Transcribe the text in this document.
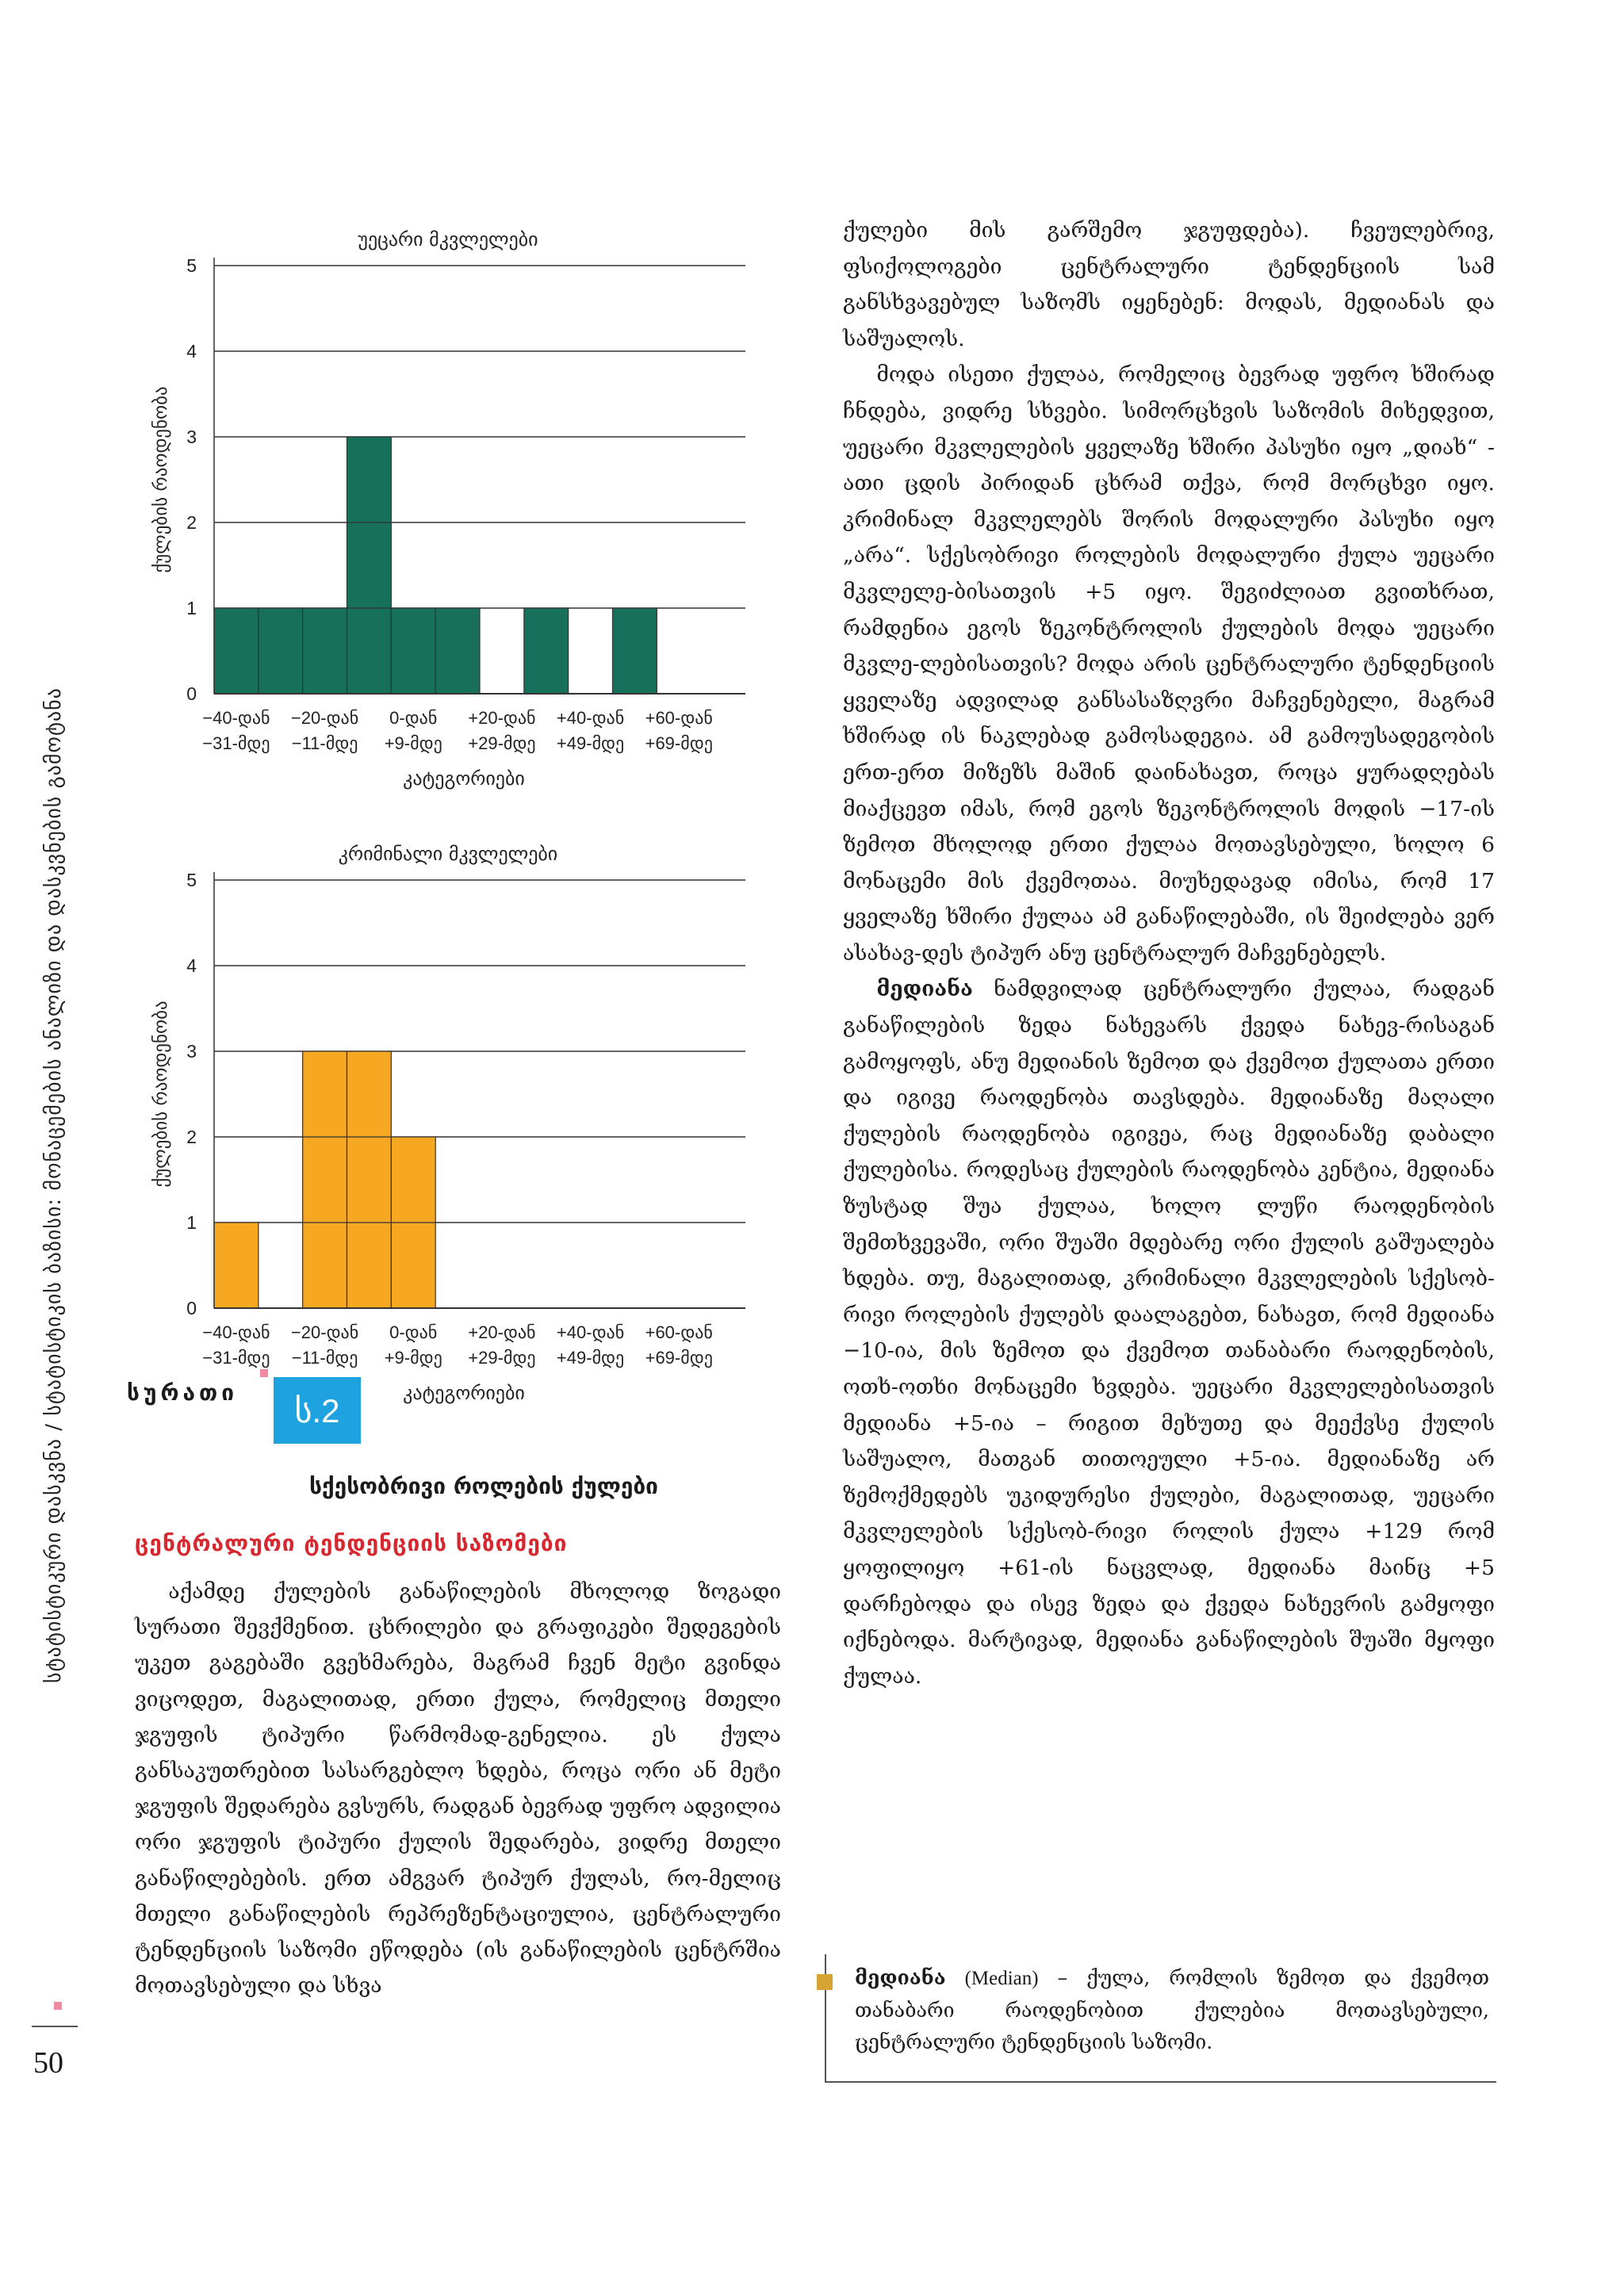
სტატისტიკური დასკვნა / სტატისტიკის ბაზისი: მონაცემების ანალიზი და დასკვნების გამოტანა
50
უეცარი მკვლელები
0
1
2
3
4
5
−40-დან
−31-მდე
−20-დან
−11-მდე
0-დან
+9-მდე
+20-დან
+29-მდე
+40-დან
+49-მდე
+60-დან
+69-მდე
კატეგორიები
ქულების რაოდენობა
კრიმინალი მკვლელები
0
1
2
3
4
5
−40-დან
−31-მდე
−20-დან
−11-მდე
0-დან
+9-მდე
+20-დან
+29-მდე
+40-დან
+49-მდე
+60-დან
+69-მდე
კატეგორიები
ქულების რაოდენობა
სურათი	ს.2
სქესობრივი როლების ქულები
ცენტრალური ტენდენციის საზომები

აქამდე ქულების განაწილების მხოლოდ ზოგადი სურათი შევქმენით. ცხრილები და გრაფიკები შედეგების უკეთ გაგებაში გვეხმარება, მაგრამ ჩვენ მეტი გვინდა ვიცოდეთ, მაგალითად, ერთი ქულა, რომელიც მთელი ჯგუფის ტიპური წარმომად-გენელია. ეს ქულა განსაკუთრებით სასარგებლო ხდება, როცა ორი ან მეტი ჯგუფის შედარება გვსურს, რადგან ბევრად უფრო ადვილია ორი ჯგუფის ტიპური ქულის შედარება, ვიდრე მთელი განაწილებების. ერთ ამგვარ ტიპურ ქულას, რო-მელიც მთელი განაწილების რეპრეზენტაციულია, ცენტრალური ტენდენციის საზომი ეწოდება (ის განაწილების ცენტრშია მოთავსებული და სხვა

ქულები მის გარშემო ჯგუფდება). ჩვეულებრივ, ფსიქოლოგები ცენტრალური ტენდენციის სამ განსხვავებულ საზომს იყენებენ: მოდას, მედიანას და საშუალოს.

მოდა ისეთი ქულაა, რომელიც ბევრად უფრო ხშირად ჩნდება, ვიდრე სხვები. სიმორცხვის საზომის მიხედვით, უეცარი მკვლელების ყველაზე ხშირი პასუხი იყო „დიახ“ - ათი ცდის პირიდან ცხრამ თქვა, რომ მორცხვი იყო. კრიმინალ მკვლელებს შორის მოდალური პასუხი იყო „არა“. სქესობრივი როლების მოდალური ქულა უეცარი მკვლელე-ბისათვის +5 იყო. შეგიძლიათ გვითხრათ, რამდენია ეგოს ზეკონტროლის ქულების მოდა უეცარი მკვლე-ლებისათვის? მოდა არის ცენტრალური ტენდენციის ყველაზე ადვილად განსასაზღვრი მაჩვენებელი, მაგრამ ხშირად ის ნაკლებად გამოსადეგია. ამ გამოუსადეგობის ერთ-ერთ მიზეზს მაშინ დაინახავთ, როცა ყურადღებას მიაქცევთ იმას, რომ ეგოს ზეკონტროლის მოდის −17-ის ზემოთ მხოლოდ ერთი ქულაა მოთავსებული, ხოლო 6 მონაცემი მის ქვემოთაა. მიუხედავად იმისა, რომ 17 ყველაზე ხშირი ქულაა ამ განაწილებაში, ის შეიძლება ვერ ასახავ-დეს ტიპურ ანუ ცენტრალურ მაჩვენებელს.

მედიანა ნამდვილად ცენტრალური ქულაა, რადგან განაწილების ზედა ნახევარს ქვედა ნახევ-რისაგან გამოყოფს, ანუ მედიანის ზემოთ და ქვემოთ ქულათა ერთი და იგივე რაოდენობა თავსდება. მედიანაზე მაღალი ქულების რაოდენობა იგივეა, რაც მედიანაზე დაბალი ქულებისა. როდესაც ქულების რაოდენობა კენტია, მედიანა ზუსტად შუა ქულაა, ხოლო ლუწი რაოდენობის შემთხვევაში, ორი შუაში მდებარე ორი ქულის გაშუალება ხდება. თუ, მაგალითად, კრიმინალი მკვლელების სქესობ-რივი როლების ქულებს დაალაგებთ, ნახავთ, რომ მედიანა −10-ია, მის ზემოთ და ქვემოთ თანაბარი რაოდენობის, ოთხ-ოთხი მონაცემი ხვდება. უეცარი მკვლელებისათვის მედიანა +5-ია – რიგით მეხუთე და მეექვსე ქულის საშუალო, მათგან თითოეული +5-ია. მედიანაზე არ ზემოქმედებს უკიდურესი ქულები, მაგალითად, უეცარი მკვლელების სქესობ-რივი როლის ქულა +129 რომ ყოფილიყო +61-ის ნაცვლად, მედიანა მაინც +5 დარჩებოდა და ისევ ზედა და ქვედა ნახევრის გამყოფი იქნებოდა. მარტივად, მედიანა განაწილების შუაში მყოფი ქულაა.

მედიანა (Median) – ქულა, რომლის ზემოთ და ქვემოთ თანაბარი რაოდენობით ქულებია მოთავსებული, ცენტრალური ტენდენციის საზომი.
